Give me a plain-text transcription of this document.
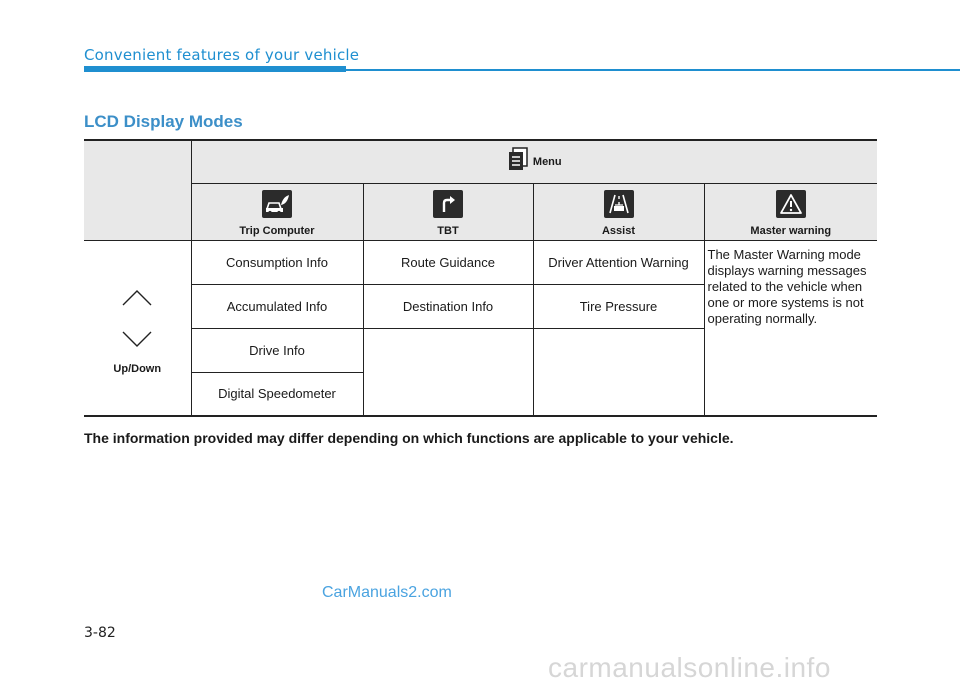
Convenient features of your vehicle
LCD Display Modes

	Menu			

	Trip Computer	TBT	Assist	Master warning

Up/Down	Consumption Info	Route Guidance	Driver Attention Warning	The Master Warning mode displays warning messages related to the vehicle when one or more systems is not operating normally.
	Accumulated Info	Destination Info	Tire Pressure	
	Drive Info			
	Digital Speedometer			
The information provided may differ depending on which functions are applicable to your vehicle.
CarManuals2.com
3-82
carmanualsonline.info
